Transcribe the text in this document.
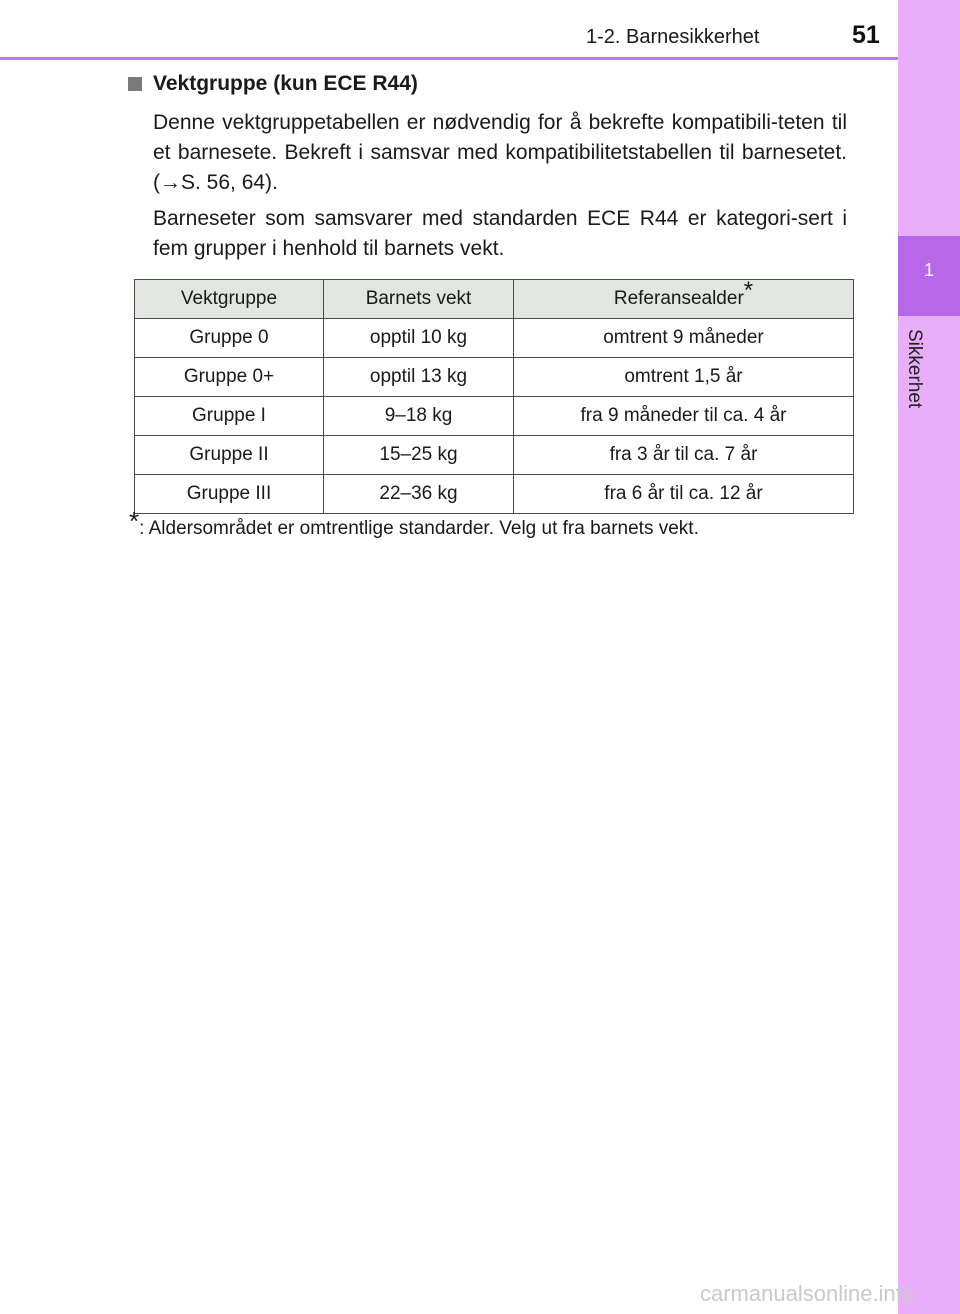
1-2. Barnesikkerhet	51
1
Sikkerhet
Vektgruppe (kun ECE R44)

Denne vektgruppetabellen er nødvendig for å bekrefte kompatibili-teten til et barnesete. Bekreft i samsvar med kompatibilitetstabellen til barnesetet. (→S. 56, 64).

Barneseter som samsvarer med standarden ECE R44 er kategori-sert i fem grupper i henhold til barnets vekt.

Vektgruppe	Barnets vekt	Referansealder*
Gruppe 0	opptil 10 kg	omtrent 9 måneder
Gruppe 0+	opptil 13 kg	omtrent 1,5 år
Gruppe I	9–18 kg	fra 9 måneder til ca. 4 år
Gruppe II	15–25 kg	fra 3 år til ca. 7 år
Gruppe III	22–36 kg	fra 6 år til ca. 12 år
*: Aldersområdet er omtrentlige standarder. Velg ut fra barnets vekt.
carmanualsonline.info
